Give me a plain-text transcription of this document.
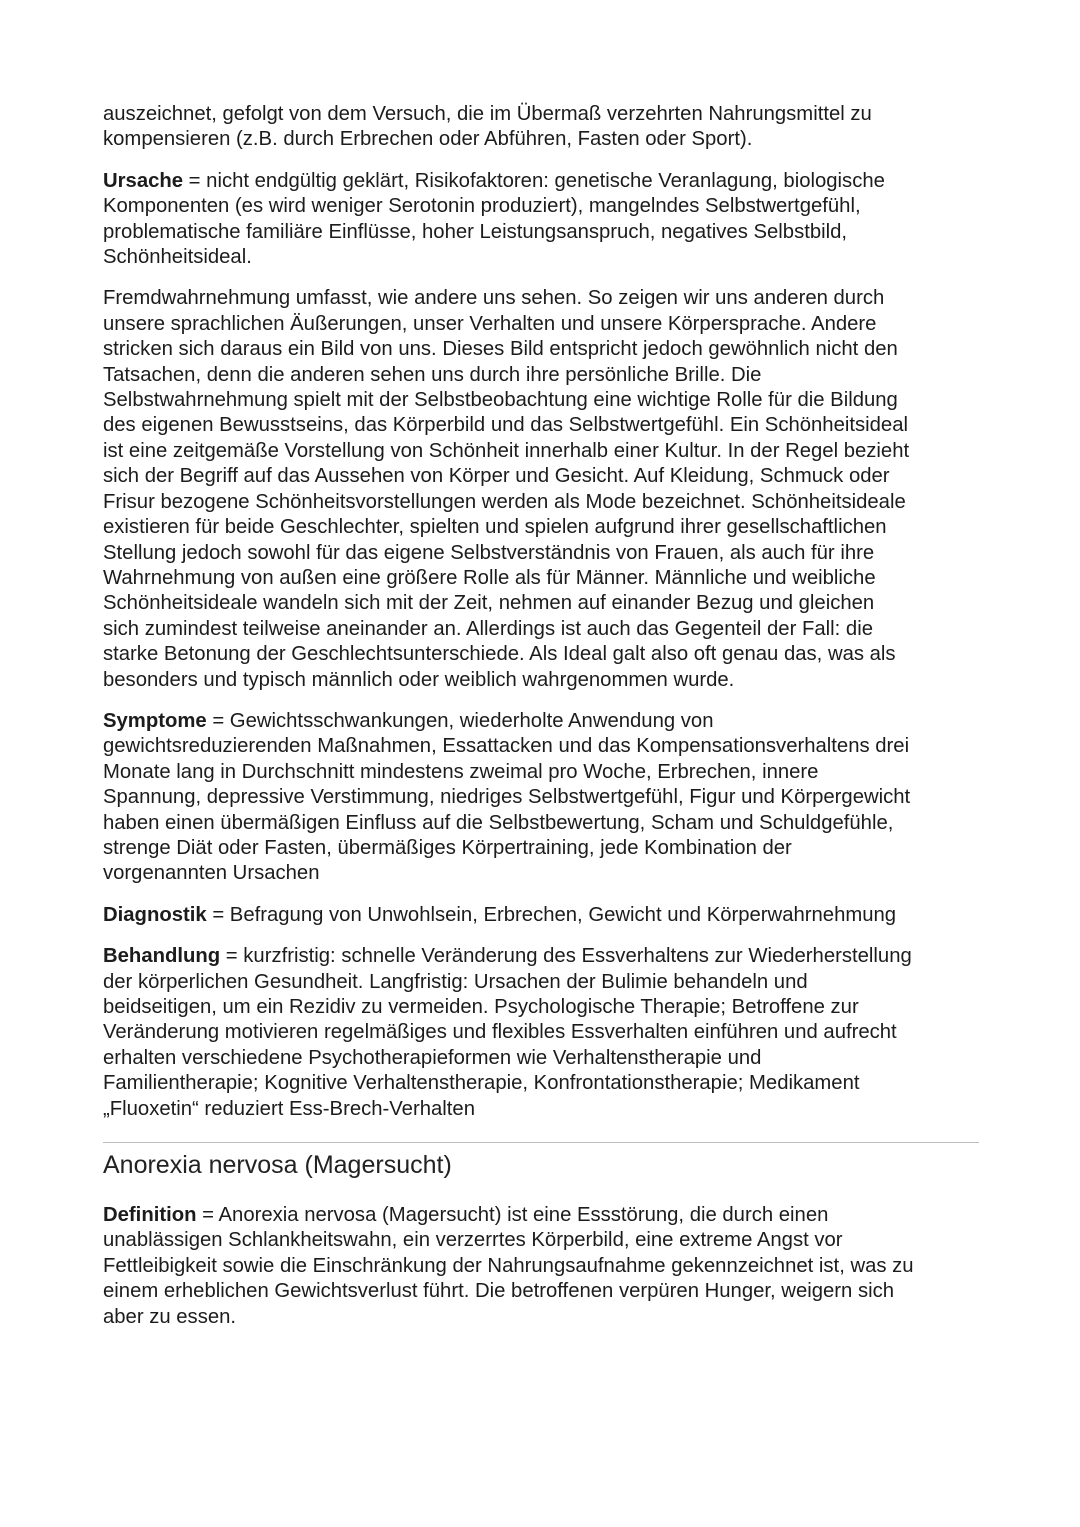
auszeichnet, gefolgt von dem Versuch, die im Übermaß verzehrten Nahrungsmittel zu
kompensieren (z.B. durch Erbrechen oder Abführen, Fasten oder Sport).

Ursache = nicht endgültig geklärt, Risikofaktoren: genetische Veranlagung, biologische
Komponenten (es wird weniger Serotonin produziert), mangelndes Selbstwertgefühl,
problematische familiäre Einflüsse, hoher Leistungsanspruch, negatives Selbstbild,
Schönheitsideal.

Fremdwahrnehmung umfasst, wie andere uns sehen. So zeigen wir uns anderen durch
unsere sprachlichen Äußerungen, unser Verhalten und unsere Körpersprache. Andere
stricken sich daraus ein Bild von uns. Dieses Bild entspricht jedoch gewöhnlich nicht den
Tatsachen, denn die anderen sehen uns durch ihre persönliche Brille. Die
Selbstwahrnehmung spielt mit der Selbstbeobachtung eine wichtige Rolle für die Bildung
des eigenen Bewusstseins, das Körperbild und das Selbstwertgefühl. Ein Schönheitsideal
ist eine zeitgemäße Vorstellung von Schönheit innerhalb einer Kultur. In der Regel bezieht
sich der Begriff auf das Aussehen von Körper und Gesicht. Auf Kleidung, Schmuck oder
Frisur bezogene Schönheitsvorstellungen werden als Mode bezeichnet. Schönheitsideale
existieren für beide Geschlechter, spielten und spielen aufgrund ihrer gesellschaftlichen
Stellung jedoch sowohl für das eigene Selbstverständnis von Frauen, als auch für ihre
Wahrnehmung von außen eine größere Rolle als für Männer. Männliche und weibliche
Schönheitsideale wandeln sich mit der Zeit, nehmen auf einander Bezug und gleichen
sich zumindest teilweise aneinander an. Allerdings ist auch das Gegenteil der Fall: die
starke Betonung der Geschlechtsunterschiede. Als Ideal galt also oft genau das, was als
besonders und typisch männlich oder weiblich wahrgenommen wurde.

Symptome = Gewichtsschwankungen, wiederholte Anwendung von
gewichtsreduzierenden Maßnahmen, Essattacken und das Kompensationsverhaltens drei
Monate lang in Durchschnitt mindestens zweimal pro Woche, Erbrechen, innere
Spannung, depressive Verstimmung, niedriges Selbstwertgefühl, Figur und Körpergewicht
haben einen übermäßigen Einfluss auf die Selbstbewertung, Scham und Schuldgefühle,
strenge Diät oder Fasten, übermäßiges Körpertraining, jede Kombination der
vorgenannten Ursachen

Diagnostik = Befragung von Unwohlsein, Erbrechen, Gewicht und Körperwahrnehmung

Behandlung = kurzfristig: schnelle Veränderung des Essverhaltens zur Wiederherstellung
der körperlichen Gesundheit. Langfristig: Ursachen der Bulimie behandeln und
beidseitigen, um ein Rezidiv zu vermeiden. Psychologische Therapie; Betroffene zur
Veränderung motivieren regelmäßiges und flexibles Essverhalten einführen und aufrecht
erhalten verschiedene Psychotherapieformen wie Verhaltenstherapie und
Familientherapie; Kognitive Verhaltenstherapie, Konfrontationstherapie; Medikament
„Fluoxetin“ reduziert Ess-Brech-Verhalten

Anorexia nervosa (Magersucht)

Definition = Anorexia nervosa (Magersucht) ist eine Essstörung, die durch einen
unablässigen Schlankheitswahn, ein verzerrtes Körperbild, eine extreme Angst vor
Fettleibigkeit sowie die Einschränkung der Nahrungsaufnahme gekennzeichnet ist, was zu
einem erheblichen Gewichtsverlust führt. Die betroffenen verpüren Hunger, weigern sich
aber zu essen.
